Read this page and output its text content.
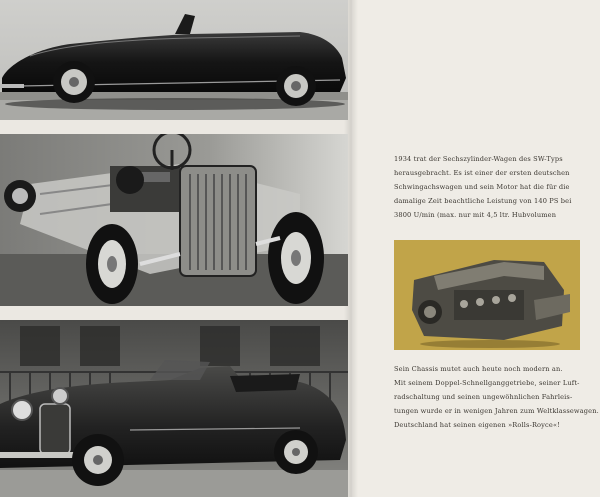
1934 trat der Sechszylinder-Wagen des SW-Typs
herausgebracht. Es ist einer der ersten deutschen
Schwingachswagen und sein Motor hat die für die
damalige Zeit beachtliche Leistung von 140 PS bei
3800 U/min (max. nur mit 4,5 ltr. Hubvolumen
Sein Chassis mutet auch heute noch modern an.
Mit seinem Doppel-Schnellganggetriebe, seiner Luft-
radschaltung und seinen ungewöhnlichen Fahrleis-
tungen wurde er in wenigen Jahren zum Weltklassewagen.
Deutschland hat seinen eigenen »Rolls-Royce«!
